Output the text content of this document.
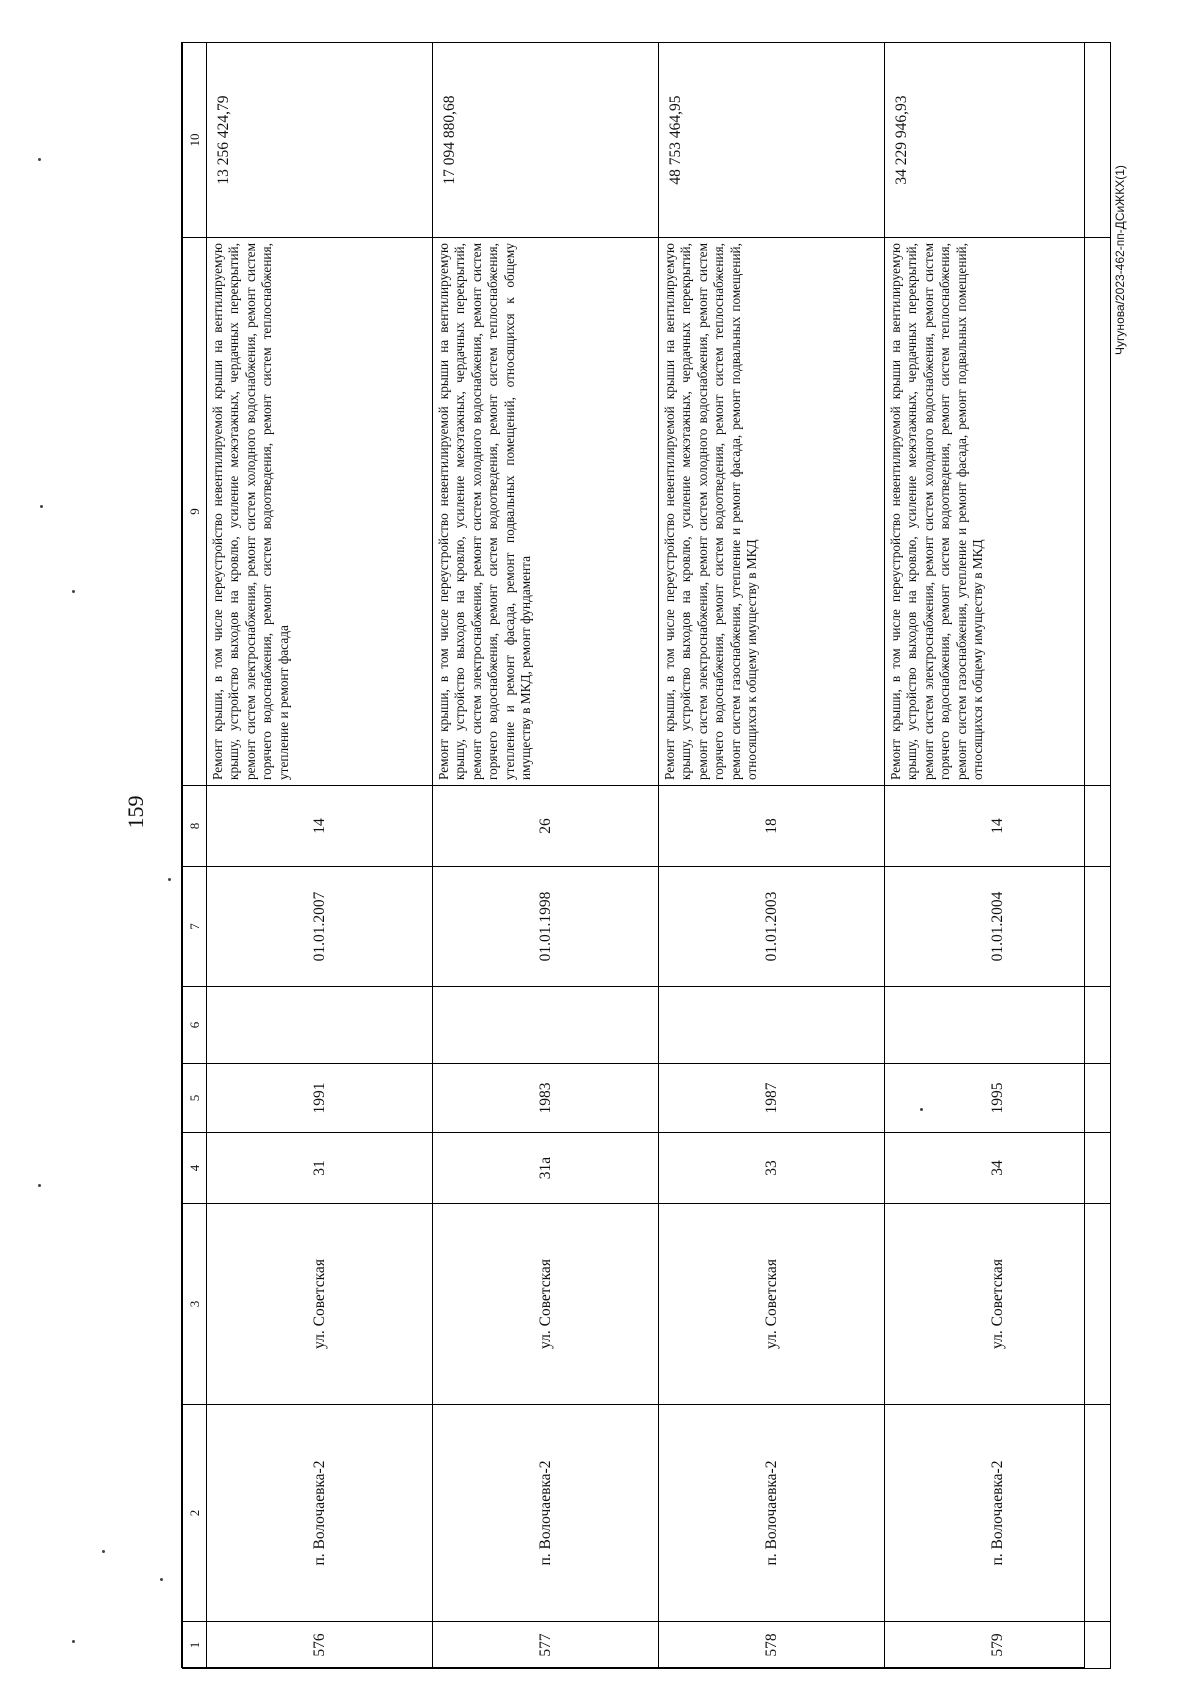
159
Чугунова/2023-462-пп-ДСиЖКХ(1)
1	2	3	4	5	6	7	8	9	10
576	п. Волочаевка-2	ул. Советская	31	1991		01.01.2007	14	Ремонт крыши, в том числе переустройство невентилируемой крыши на вентилируемую крышу, устройство выходов на кровлю, усиление межэтажных, чердачных перекрытий, ремонт систем электроснабжения, ремонт систем холодного водоснабжения, ремонт систем горячего водоснабжения, ремонт систем водоотведения, ремонт систем теплоснабжения, утепление и ремонт фасада	13 256 424,79
577	п. Волочаевка-2	ул. Советская	31а	1983		01.01.1998	26	Ремонт крыши, в том числе переустройство невентилируемой крыши на вентилируемую крышу, устройство выходов на кровлю, усиление межэтажных, чердачных перекрытий, ремонт систем электроснабжения, ремонт систем холодного водоснабжения, ремонт систем горячего водоснабжения, ремонт систем водоотведения, ремонт систем теплоснабжения, утепление и ремонт фасада, ремонт подвальных помещений, относящихся к общему имуществу в МКД, ремонт фундамента	17 094 880,68
578	п. Волочаевка-2	ул. Советская	33	1987		01.01.2003	18	Ремонт крыши, в том числе переустройство невентилируемой крыши на вентилируемую крышу, устройство выходов на кровлю, усиление межэтажных, чердачных перекрытий, ремонт систем электроснабжения, ремонт систем холодного водоснабжения, ремонт систем горячего водоснабжения, ремонт систем водоотведения, ремонт систем теплоснабжения, ремонт систем газоснабжения, утепление и ремонт фасада, ремонт подвальных помещений, относящихся к общему имуществу в МКД	48 753 464,95
579	п. Волочаевка-2	ул. Советская	34	1995		01.01.2004	14	Ремонт крыши, в том числе переустройство невентилируемой крыши на вентилируемую крышу, устройство выходов на кровлю, усиление межэтажных, чердачных перекрытий, ремонт систем электроснабжения, ремонт систем холодного водоснабжения, ремонт систем горячего водоснабжения, ремонт систем водоотведения, ремонт систем теплоснабжения, ремонт систем газоснабжения, утепление и ремонт фасада, ремонт подвальных помещений, относящихся к общему имуществу в МКД	34 229 946,93
